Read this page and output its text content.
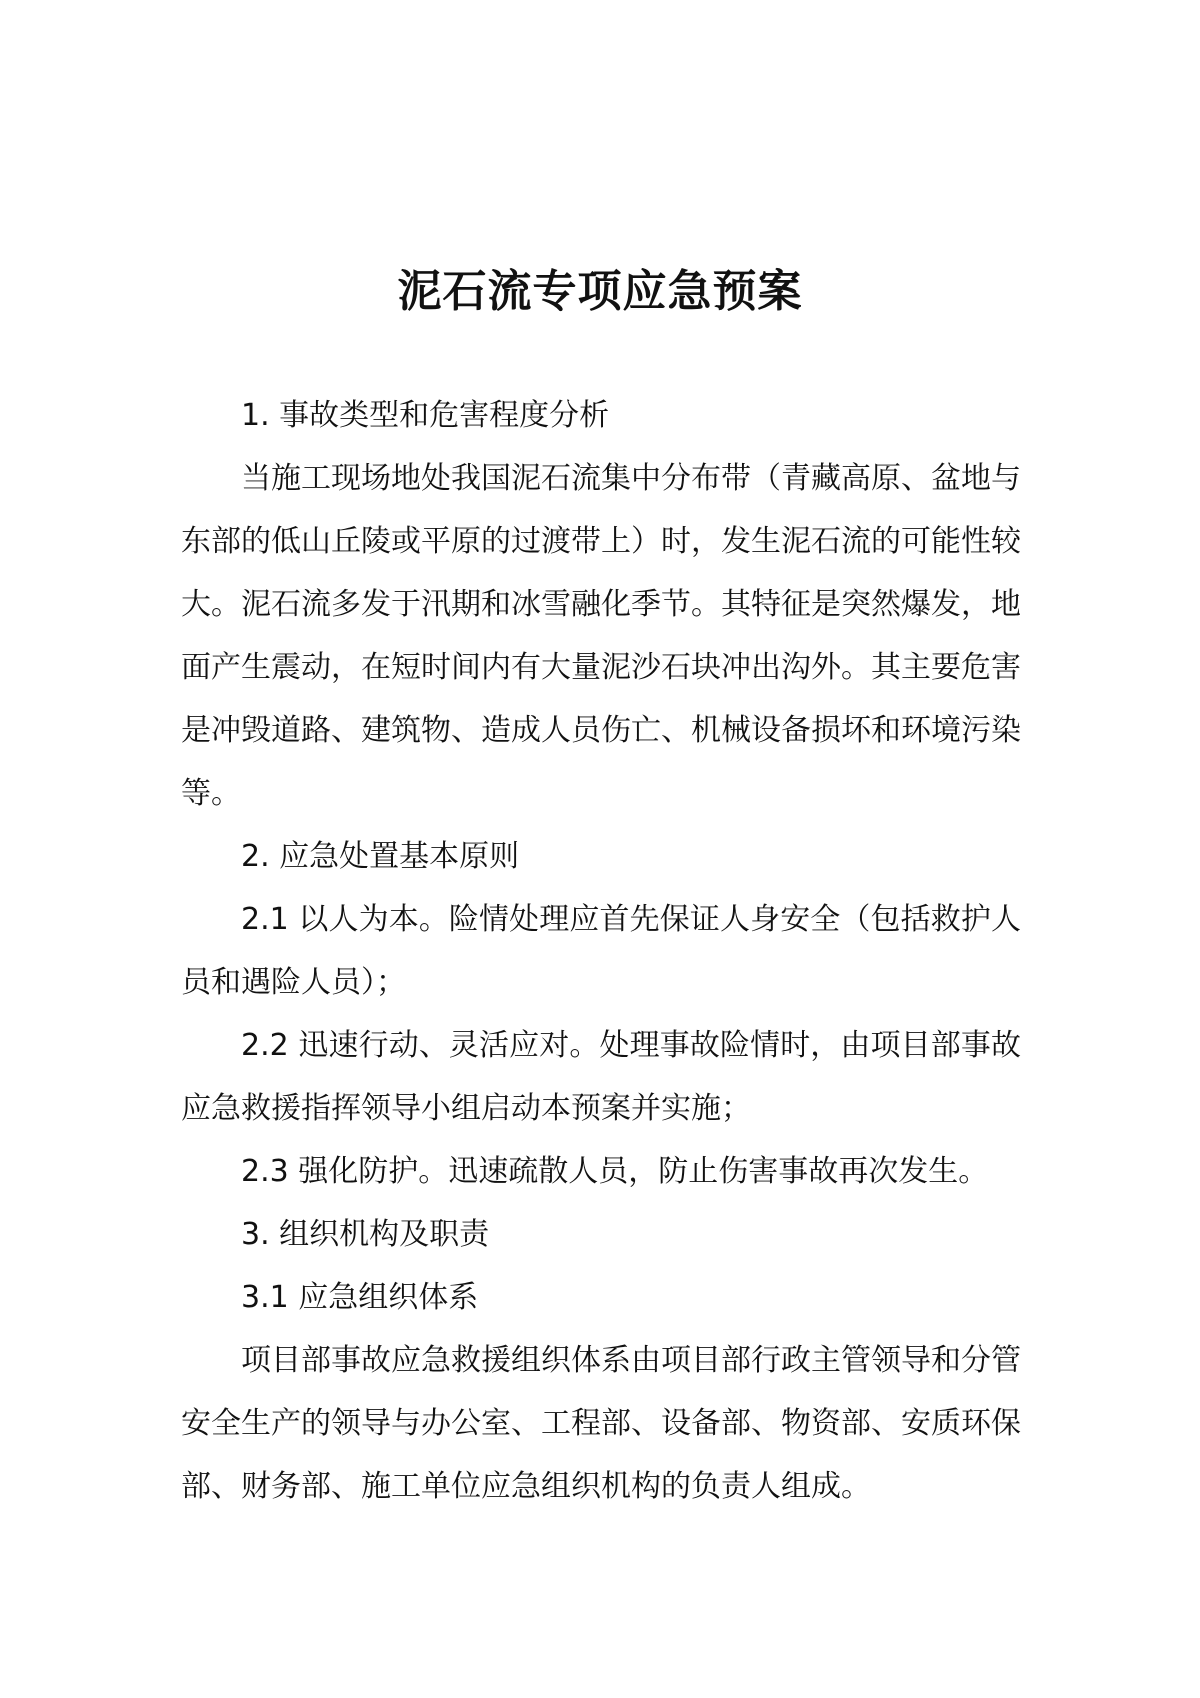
泥石流专项应急预案

1. 事故类型和危害程度分析

当施工现场地处我国泥石流集中分布带（青藏高原、盆地与东部的低山丘陵或平原的过渡带上）时，发生泥石流的可能性较大。泥石流多发于汛期和冰雪融化季节。其特征是突然爆发，地面产生震动，在短时间内有大量泥沙石块冲出沟外。其主要危害是冲毁道路、建筑物、造成人员伤亡、机械设备损坏和环境污染等。

2. 应急处置基本原则

2.1 以人为本。险情处理应首先保证人身安全（包括救护人员和遇险人员）；

2.2 迅速行动、灵活应对。处理事故险情时，由项目部事故应急救援指挥领导小组启动本预案并实施；

2.3 强化防护。迅速疏散人员，防止伤害事故再次发生。

3. 组织机构及职责

3.1 应急组织体系

项目部事故应急救援组织体系由项目部行政主管领导和分管安全生产的领导与办公室、工程部、设备部、物资部、安质环保部、财务部、施工单位应急组织机构的负责人组成。
